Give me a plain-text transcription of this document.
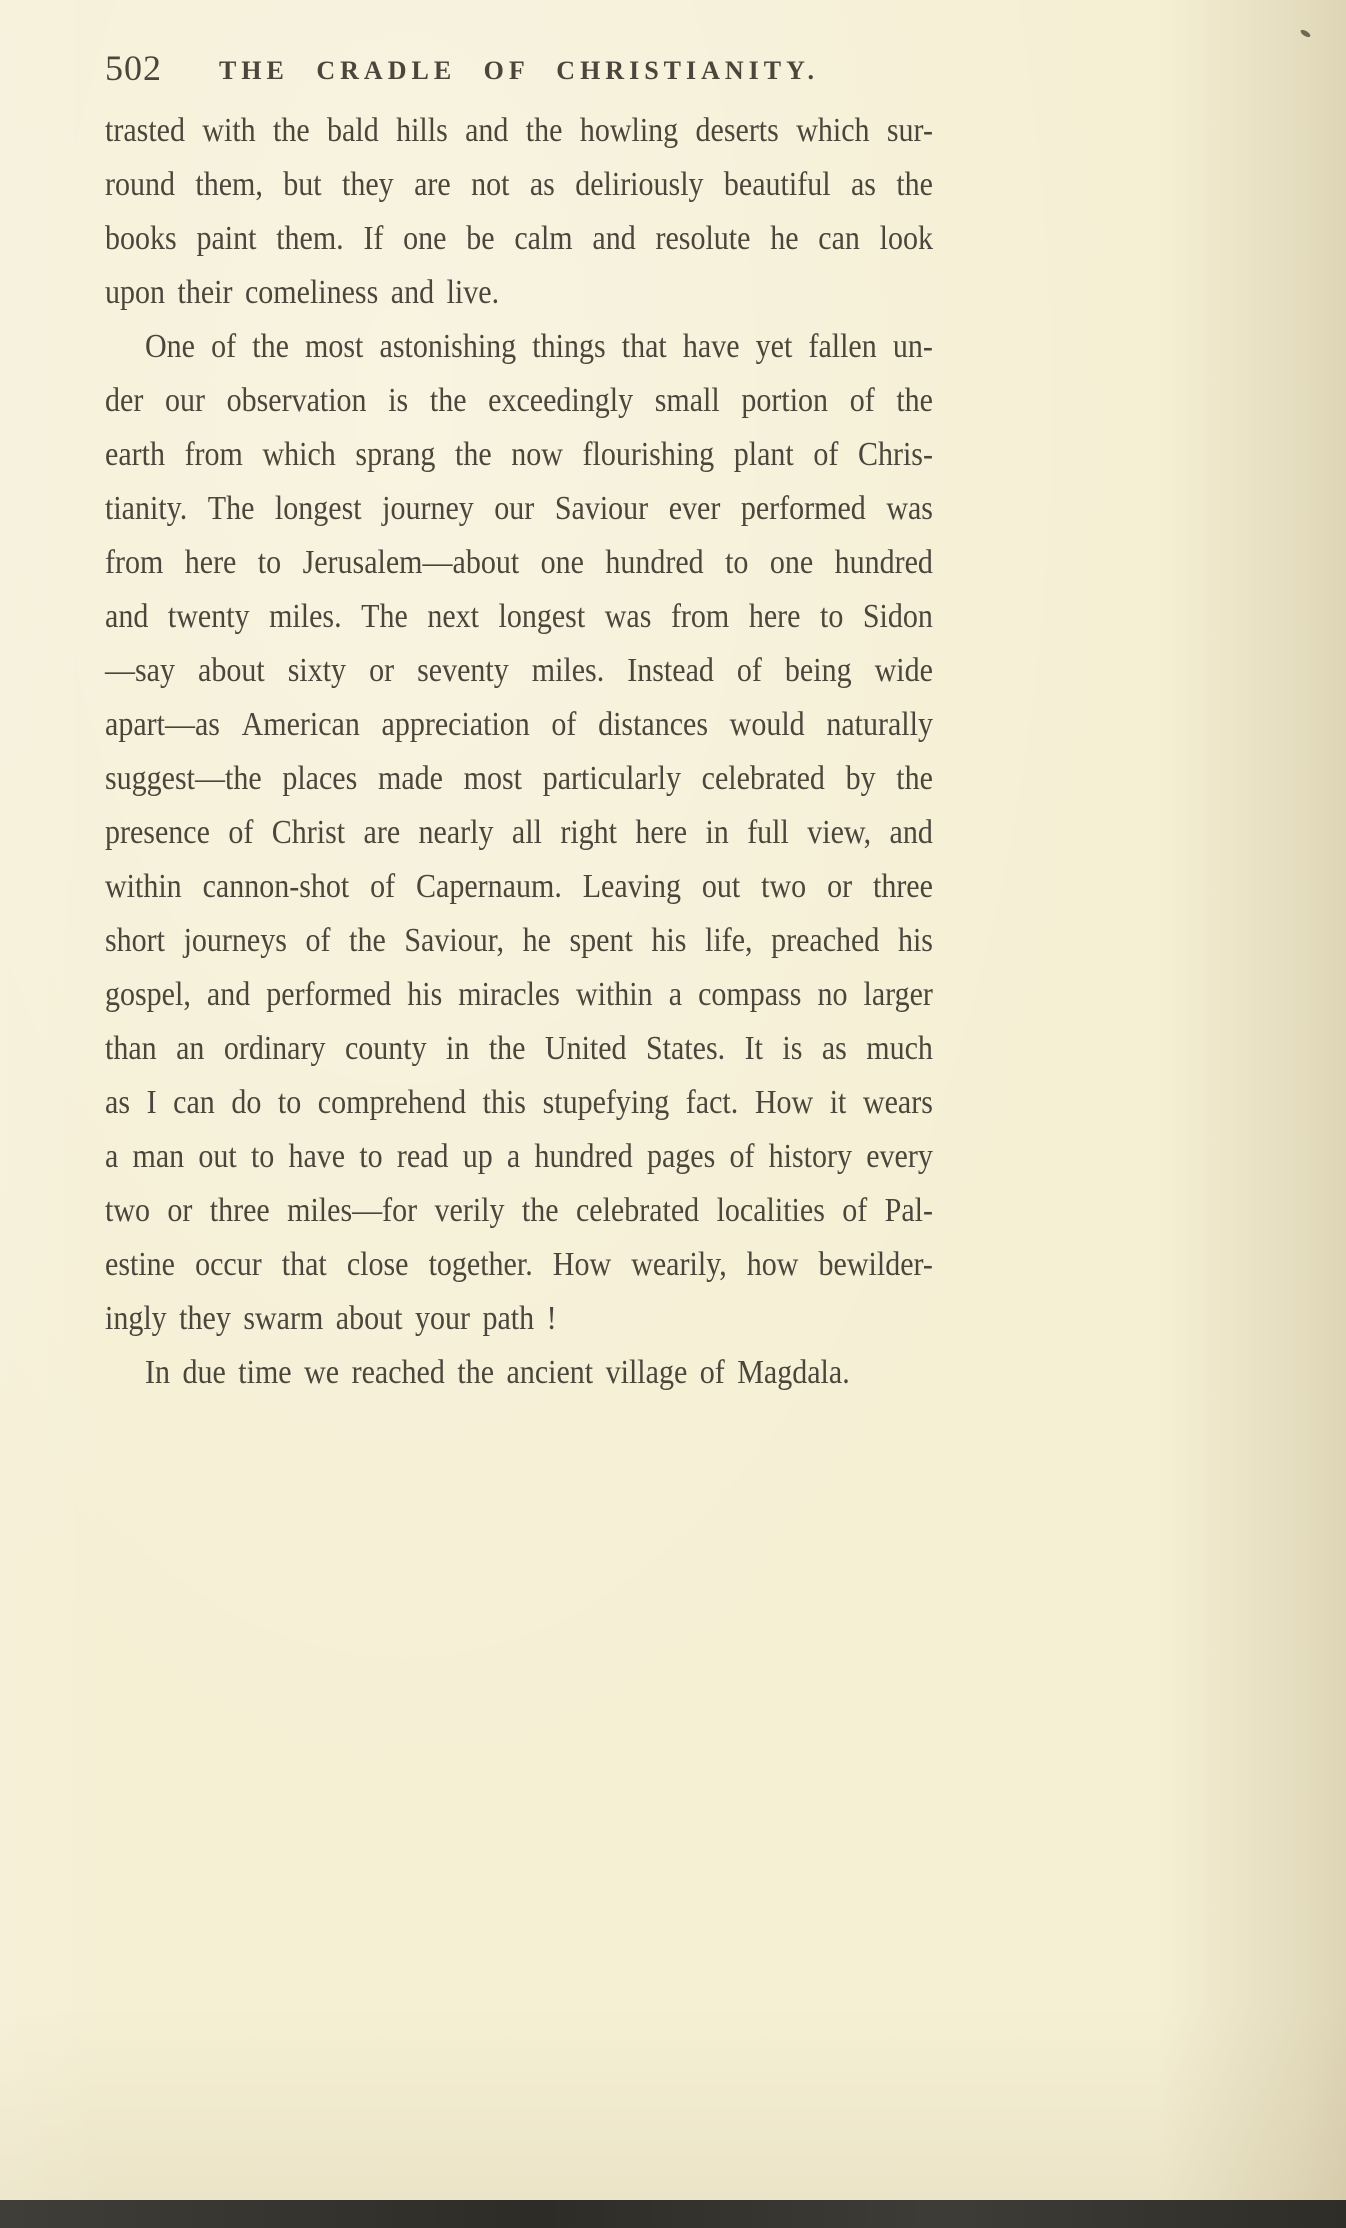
502	THE CRADLE OF CHRISTIANITY.
trasted with the bald hills and the howling deserts which sur-
round them, but they are not as deliriously beautiful as the
books paint them. If one be calm and resolute he can look
upon their comeliness and live.
One of the most astonishing things that have yet fallen un-
der our observation is the exceedingly small portion of the
earth from which sprang the now flourishing plant of Chris-
tianity. The longest journey our Saviour ever performed was
from here to Jerusalem—about one hundred to one hundred
and twenty miles. The next longest was from here to Sidon
—say about sixty or seventy miles. Instead of being wide
apart—as American appreciation of distances would naturally
suggest—the places made most particularly celebrated by the
presence of Christ are nearly all right here in full view, and
within cannon-shot of Capernaum. Leaving out two or three
short journeys of the Saviour, he spent his life, preached his
gospel, and performed his miracles within a compass no larger
than an ordinary county in the United States. It is as much
as I can do to comprehend this stupefying fact. How it wears
a man out to have to read up a hundred pages of history every
two or three miles—for verily the celebrated localities of Pal-
estine occur that close together. How wearily, how bewilder-
ingly they swarm about your path !
In due time we reached the ancient village of Magdala.
